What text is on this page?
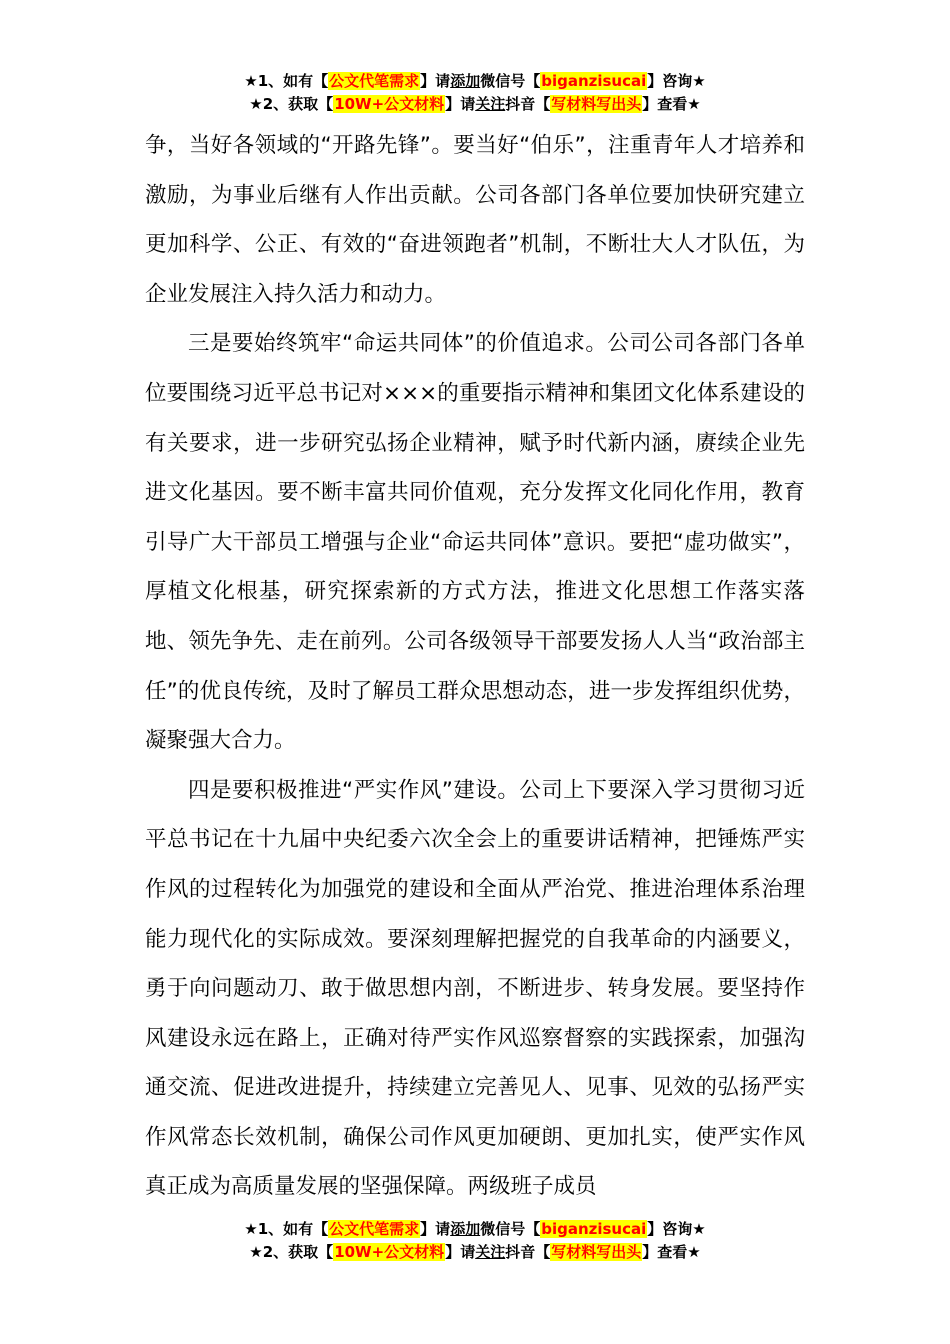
★1、如有【公文代笔需求】请添加微信号【biganzisucai】咨询★
★2、获取【10W+公文材料】请关注抖音【写材料写出头】查看★

争，当好各领域的“开路先锋”。要当好“伯乐”，注重青年人才培养和激励，为事业后继有人作出贡献。公司各部门各单位要加快研究建立更加科学、公正、有效的“奋进领跑者”机制，不断壮大人才队伍，为企业发展注入持久活力和动力。

三是要始终筑牢“命运共同体”的价值追求。公司公司各部门各单位要围绕习近平总书记对×××的重要指示精神和集团文化体系建设的有关要求，进一步研究弘扬企业精神，赋予时代新内涵，赓续企业先进文化基因。要不断丰富共同价值观，充分发挥文化同化作用，教育引导广大干部员工增强与企业“命运共同体”意识。要把“虚功做实”，厚植文化根基，研究探索新的方式方法，推进文化思想工作落实落地、领先争先、走在前列。公司各级领导干部要发扬人人当“政治部主任”的优良传统，及时了解员工群众思想动态，进一步发挥组织优势，凝聚强大合力。

四是要积极推进“严实作风”建设。公司上下要深入学习贯彻习近平总书记在十九届中央纪委六次全会上的重要讲话精神，把锤炼严实作风的过程转化为加强党的建设和全面从严治党、推进治理体系治理能力现代化的实际成效。要深刻理解把握党的自我革命的内涵要义，勇于向问题动刀、敢于做思想内剖，不断进步、转身发展。要坚持作风建设永远在路上，正确对待严实作风巡察督察的实践探索，加强沟通交流、促进改进提升，持续建立完善见人、见事、见效的弘扬严实作风常态长效机制，确保公司作风更加硬朗、更加扎实，使严实作风真正成为高质量发展的坚强保障。两级班子成员

★1、如有【公文代笔需求】请添加微信号【biganzisucai】咨询★
★2、获取【10W+公文材料】请关注抖音【写材料写出头】查看★
